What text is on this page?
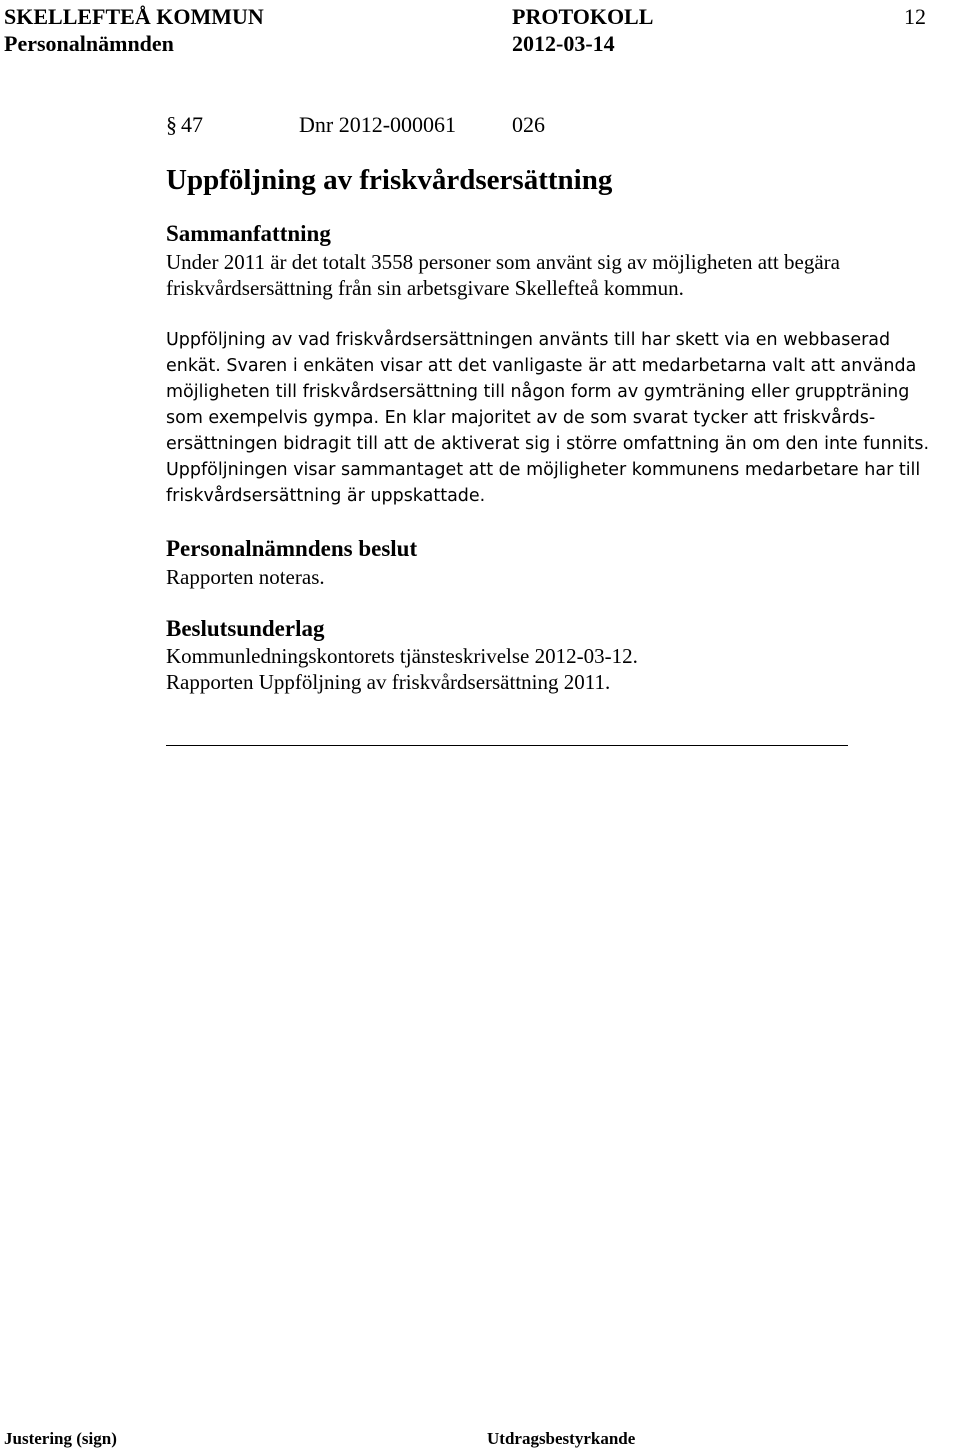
SKELLEFTEÅ KOMMUN	PROTOKOLL	12
Personalnämnden	2012-03-14
§ 47	Dnr 2012-000061	026
Uppföljning av friskvårdsersättning
Sammanfattning
Under 2011 är det totalt 3558 personer som använt sig av möjligheten att begära
friskvårdsersättning från sin arbetsgivare Skellefteå kommun.
Uppföljning av vad friskvårdsersättningen använts till har skett via en webbaserad
enkät. Svaren i enkäten visar att det vanligaste är att medarbetarna valt att använda
möjligheten till friskvårdsersättning till någon form av gymträning eller gruppträning
som exempelvis gympa. En klar majoritet av de som svarat tycker att friskvårds-
ersättningen bidragit till att de aktiverat sig i större omfattning än om den inte funnits.
Uppföljningen visar sammantaget att de möjligheter kommunens medarbetare har till
friskvårdsersättning är uppskattade.
Personalnämndens beslut
Rapporten noteras.
Beslutsunderlag
Kommunledningskontorets tjänsteskrivelse 2012-03-12.
Rapporten Uppföljning av friskvårdsersättning 2011.
Justering (sign)	Utdragsbestyrkande
